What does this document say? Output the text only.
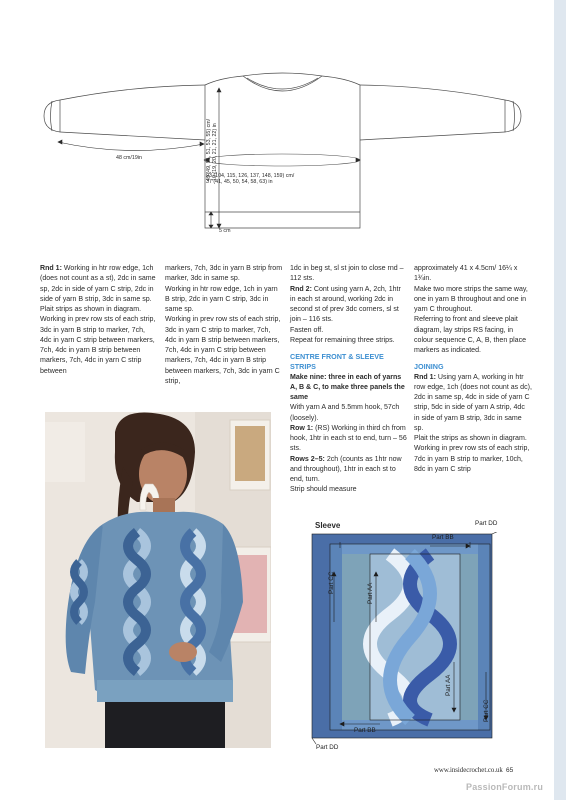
48 cm/19in
93 (104, 115, 126, 137, 148, 159) cm/
37 (41, 45, 50, 54, 58, 63) in
5 cm
49 (49, 51, 51, 53, 55) cm/ 19 (19, 20, 21, 21, 22) in

Rnd 1: Working in htr row edge, 1ch (does not count as a st), 2dc in same sp, 2dc in side of yarn C strip, 2dc in side of yarn B strip, 3dc in same sp.

Plait strips as shown in diagram.

Working in prev row sts of each strip, 3dc in yarn B strip to marker, 7ch, 4dc in yarn C strip between markers, 7ch, 4dc in yarn B strip between markers, 7ch, 4dc in yarn C strip between

markers, 7ch, 3dc in yarn B strip from marker, 3dc in same sp.

Working in htr row edge, 1ch in yarn B strip, 2dc in yarn C strip, 3dc in same sp.

Working in prev row sts of each strip, 3dc in yarn C strip to marker, 7ch, 4dc in yarn B strip between markers, 7ch, 4dc in yarn C strip between markers, 7ch, 4dc in yarn B strip between markers, 7ch, 3dc in yarn C strip,

1dc in beg st, sl st join to close rnd – 112 sts.

Rnd 2: Cont using yarn A, 2ch, 1htr in each st around, working 2dc in second st of prev 3dc corners, sl st join – 116 sts.

Fasten off.

Repeat for remaining three strips.

CENTRE FRONT & SLEEVE STRIPS

Make nine: three in each of yarns A, B & C, to make three panels the same

With yarn A and 5.5mm hook, 57ch (loosely).

Row 1: (RS) Working in third ch from hook, 1htr in each st to end, turn – 56 sts.

Rows 2–5: 2ch (counts as 1htr now and throughout), 1htr in each st to end, turn.

Strip should measure

approximately 41 x 4.5cm/ 16¼ x 1¾in.

Make two more strips the same way, one in yarn B throughout and one in yarn C throughout.

Referring to front and sleeve plait diagram, lay strips RS facing, in colour sequence C, A, B, then place markers as indicated.

JOINING

Rnd 1: Using yarn A, working in htr row edge, 1ch (does not count as dc), 2dc in same sp, 4dc in side of yarn C strip, 5dc in side of yarn A strip, 4dc in side of yarn B strip, 3dc in same sp.

Plait the strips as shown in diagram.

Working in prev row sts of each strip, 7dc in yarn B strip to marker, 10ch, 8dc in yarn C strip

Sleeve	Part DD
Part BB
Part CC	Part AA
Part AA
Part CC
Part BB
Part DD
www.insidecrochet.co.uk 65
PassionForum.ru
